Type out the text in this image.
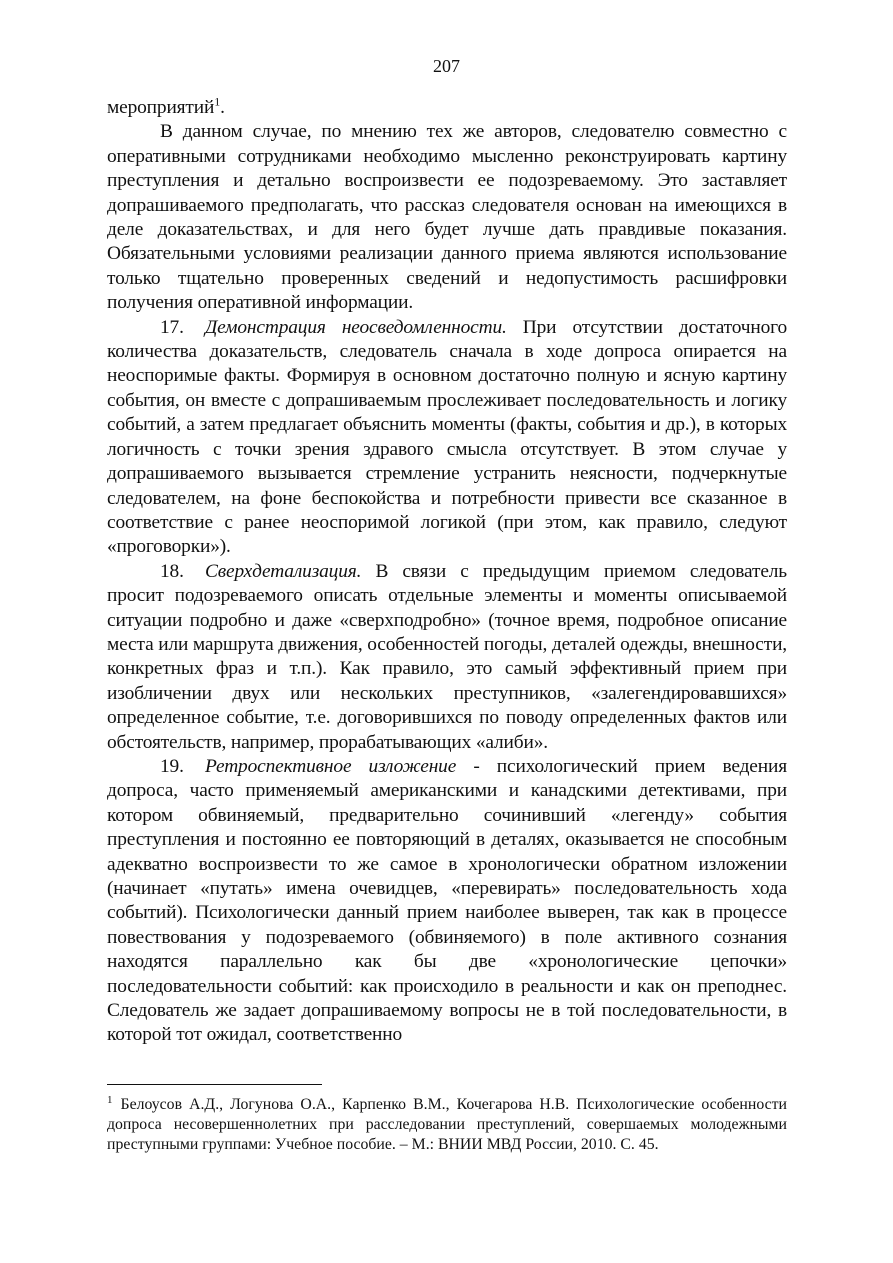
207

мероприятий$^1$.

В данном случае, по мнению тех же авторов, следователю совместно с оперативными сотрудниками необходимо мысленно реконструировать картину преступления и детально воспроизвести ее подозреваемому. Это заставляет допрашиваемого предполагать, что рассказ следователя основан на имеющихся в деле доказательствах, и для него будет лучше дать правдивые показания. Обязательными условиями реализации данного приема являются использование только тщательно проверенных сведений и недопустимость расшифровки получения оперативной информации.

17. Демонстрация неосведомленности. При отсутствии достаточного количества доказательств, следователь сначала в ходе допроса опирается на неоспоримые факты. Формируя в основном достаточно полную и ясную картину события, он вместе с допрашиваемым прослеживает последовательность и логику событий, а затем предлагает объяснить моменты (факты, события и др.), в которых логичность с точки зрения здравого смысла отсутствует. В этом случае у допрашиваемого вызывается стремление устранить неясности, подчеркнутые следователем, на фоне беспокойства и потребности привести все сказанное в соответствие с ранее неоспоримой логикой (при этом, как правило, следуют «проговорки»).

18. Сверхдетализация. В связи с предыдущим приемом следователь просит подозреваемого описать отдельные элементы и моменты описываемой ситуации подробно и даже «сверхподробно» (точное время, подробное описание места или маршрута движения, особенностей погоды, деталей одежды, внешности, конкретных фраз и т.п.). Как правило, это самый эффективный прием при изобличении двух или нескольких преступников, «залегендировавшихся» определенное событие, т.е. договорившихся по поводу определенных фактов или обстоятельств, например, прорабатывающих «алиби».

19. Ретроспективное изложение - психологический прием ведения допроса, часто применяемый американскими и канадскими детективами, при котором обвиняемый, предварительно сочинивший «легенду» события преступления и постоянно ее повторяющий в деталях, оказывается не способным адекватно воспроизвести то же самое в хронологически обратном изложении (начинает «путать» имена очевидцев, «перевирать» последовательность хода событий). Психологически данный прием наиболее выверен, так как в процессе повествования у подозреваемого (обвиняемого) в поле активного сознания находятся параллельно как бы две «хронологические цепочки» последовательности событий: как происходило в реальности и как он преподнес. Следователь же задает допрашиваемому вопросы не в той последовательности, в которой тот ожидал, соответственно

$^1$ Белоусов А.Д., Логунова О.А., Карпенко В.М., Кочегарова Н.В. Психологические особенности допроса несовершеннолетних при расследовании преступлений, совершаемых молодежными преступными группами: Учебное пособие. – М.: ВНИИ МВД России, 2010. С. 45.
